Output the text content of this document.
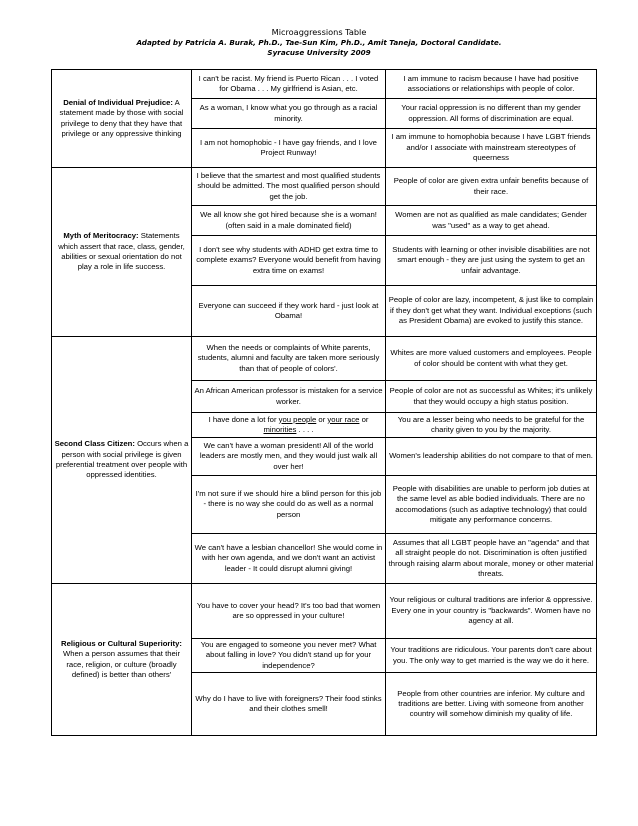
Microaggressions Table
Adapted by Patricia A. Burak, Ph.D., Tae-Sun Kim, Ph.D., Amit Taneja, Doctoral Candidate.
Syracuse University 2009
Denial of Individual Prejudice: A statement made by those with social privilege to deny that they have that privilege or any oppressive thinking	I can't be racist. My friend is Puerto Rican . . . I voted for Obama . . . My girlfriend is Asian, etc.	I am immune to racism because I have had positive associations or relationships with people of color.
	As a woman, I know what you go through as a racial minority.	Your racial oppression is no different than my gender oppression. All forms of discrimination are equal.
	I am not homophobic - I have gay friends, and I love Project Runway!	I am immune to homophobia because I have LGBT friends and/or I associate with mainstream stereotypes of queerness
Myth of Meritocracy: Statements which assert that race, class, gender, abilities or sexual orientation do not play a role in life success.	I believe that the smartest and most qualified students should be admitted. The most qualified person should get the job.	People of color are given extra unfair benefits because of their race.
	We all know she got hired because she is a woman! (often said in a male dominated field)	Women are not as qualified as male candidates; Gender was "used" as a way to get ahead.
	I don't see why students with ADHD get extra time to complete exams? Everyone would benefit from having extra time on exams!	Students with learning or other invisible disabilities are not smart enough - they are just using the system to get an unfair advantage.
	Everyone can succeed if they work hard - just look at Obama!	People of color are lazy, incompetent, & just like to complain if they don't get what they want. Individual exceptions (such as President Obama) are evoked to justify this stance.
Second Class Citizen: Occurs when a person with social privilege is given preferential treatment over people with oppressed identities.	When the needs or complaints of White parents, students, alumni and faculty are taken more seriously than that of people of colors'.	Whites are more valued customers and employees. People of color should be content with what they get.
	An African American professor is mistaken for a service worker.	People of color are not as successful as Whites; it's unlikely that they would occupy a high status position.
	I have done a lot for you people or your race or minorities . . . .	You are a lesser being who needs to be grateful for the charity given to you by the majority.
	We can't have a woman president! All of the world leaders are mostly men, and they would just walk all over her!	Women's leadership abilities do not compare to that of men.
	I'm not sure if we should hire a blind person for this job - there is no way she could do as well as a normal person	People with disabilities are unable to perform job duties at the same level as able bodied individuals. There are no accomodations (such as adaptive technology) that could mitigate any performance concerns.
	We can't have a lesbian chancellor! She would come in with her own agenda, and we don't want an activist leader - It could disrupt alumni giving!	Assumes that all LGBT people have an "agenda" and that all straight people do not. Discrimination is often justified through raising alarm about morale, money or other material threats.
Religious or Cultural Superiority: When a person assumes that their race, religion, or culture (broadly defined) is better than others'	You have to cover your head? It's too bad that women are so oppressed in your culture!	Your religious or cultural traditions are inferior & oppressive. Every one in your country is "backwards". Women have no agency at all.
	You are engaged to someone you never met? What about falling in love? You didn't stand up for your independence?	Your traditions are ridiculous. Your parents don't care about you. The only way to get married is the way we do it here.
	Why do I have to live with foreigners? Their food stinks and their clothes smell!	People from other countries are inferior. My culture and traditions are better. Living with someone from another country will somehow diminish my quality of life.
